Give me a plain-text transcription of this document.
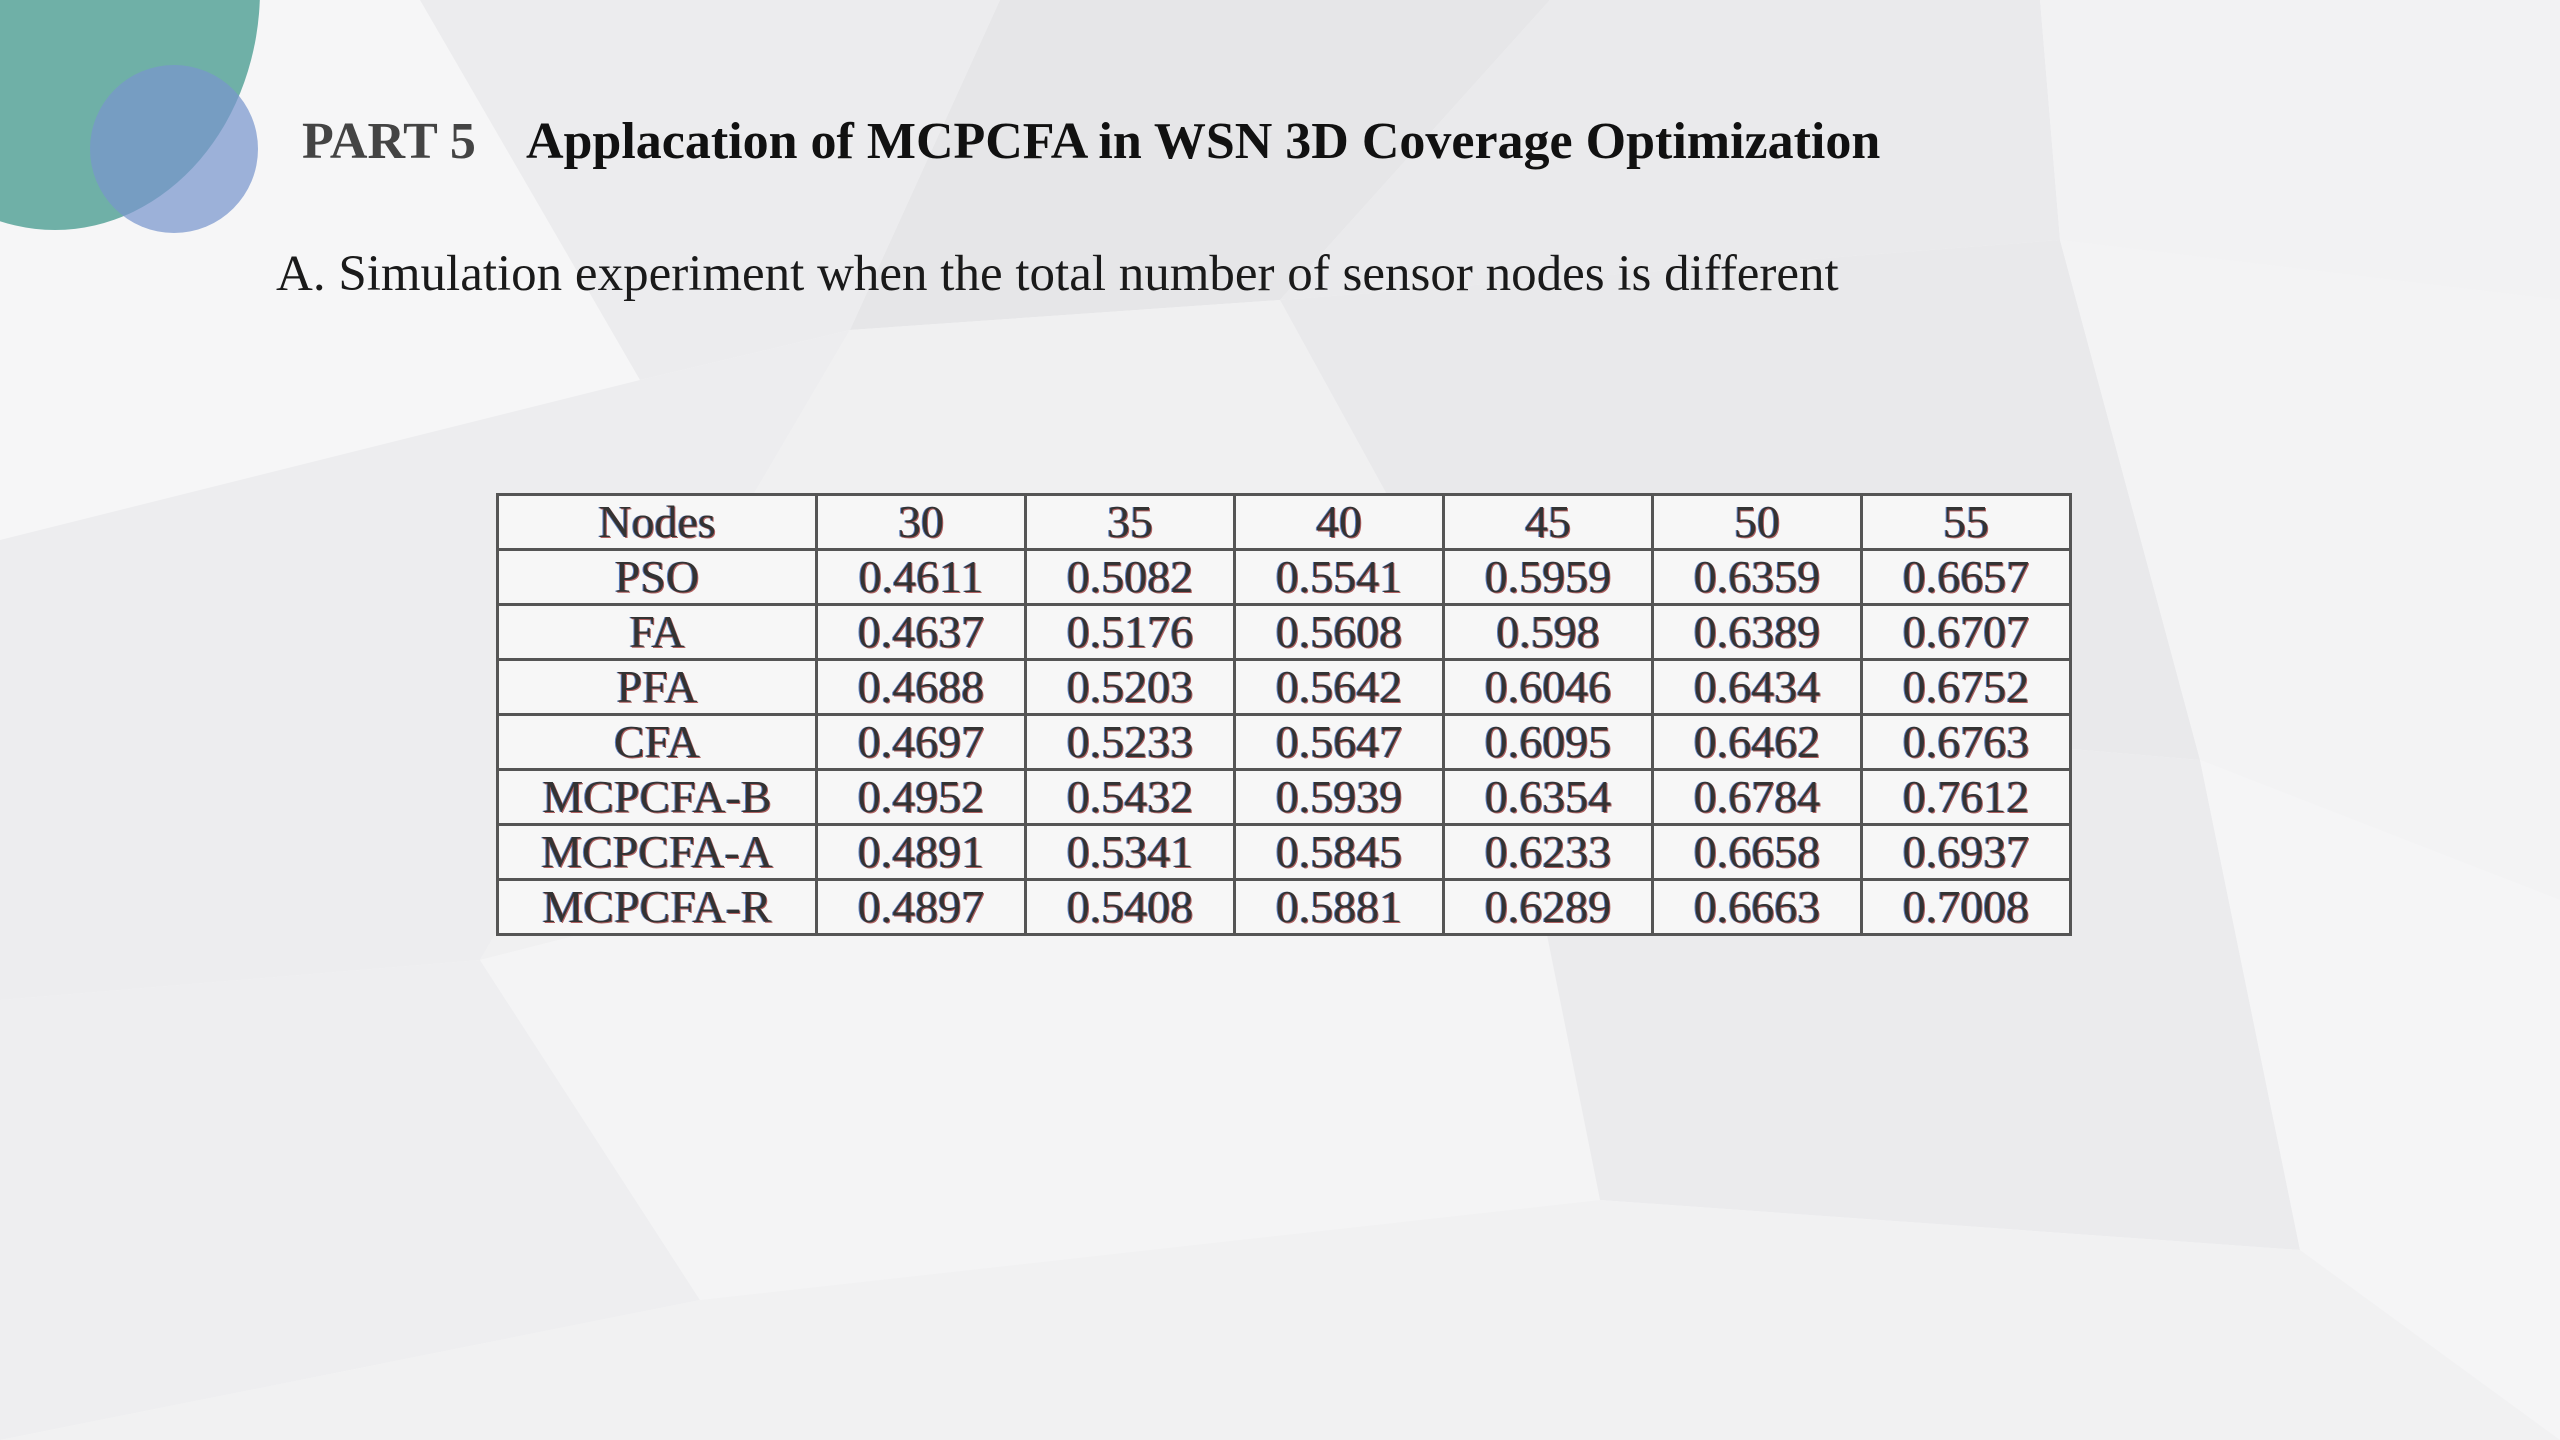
PART 5 Applacation of MCPCFA in WSN 3D Coverage Optimization
A. Simulation experiment when the total number of sensor nodes is different
Nodes	30	35	40	45	50	55
PSO	0.4611	0.5082	0.5541	0.5959	0.6359	0.6657
FA	0.4637	0.5176	0.5608	0.598	0.6389	0.6707
PFA	0.4688	0.5203	0.5642	0.6046	0.6434	0.6752
CFA	0.4697	0.5233	0.5647	0.6095	0.6462	0.6763
MCPCFA-B	0.4952	0.5432	0.5939	0.6354	0.6784	0.7612
MCPCFA-A	0.4891	0.5341	0.5845	0.6233	0.6658	0.6937
MCPCFA-R	0.4897	0.5408	0.5881	0.6289	0.6663	0.7008
